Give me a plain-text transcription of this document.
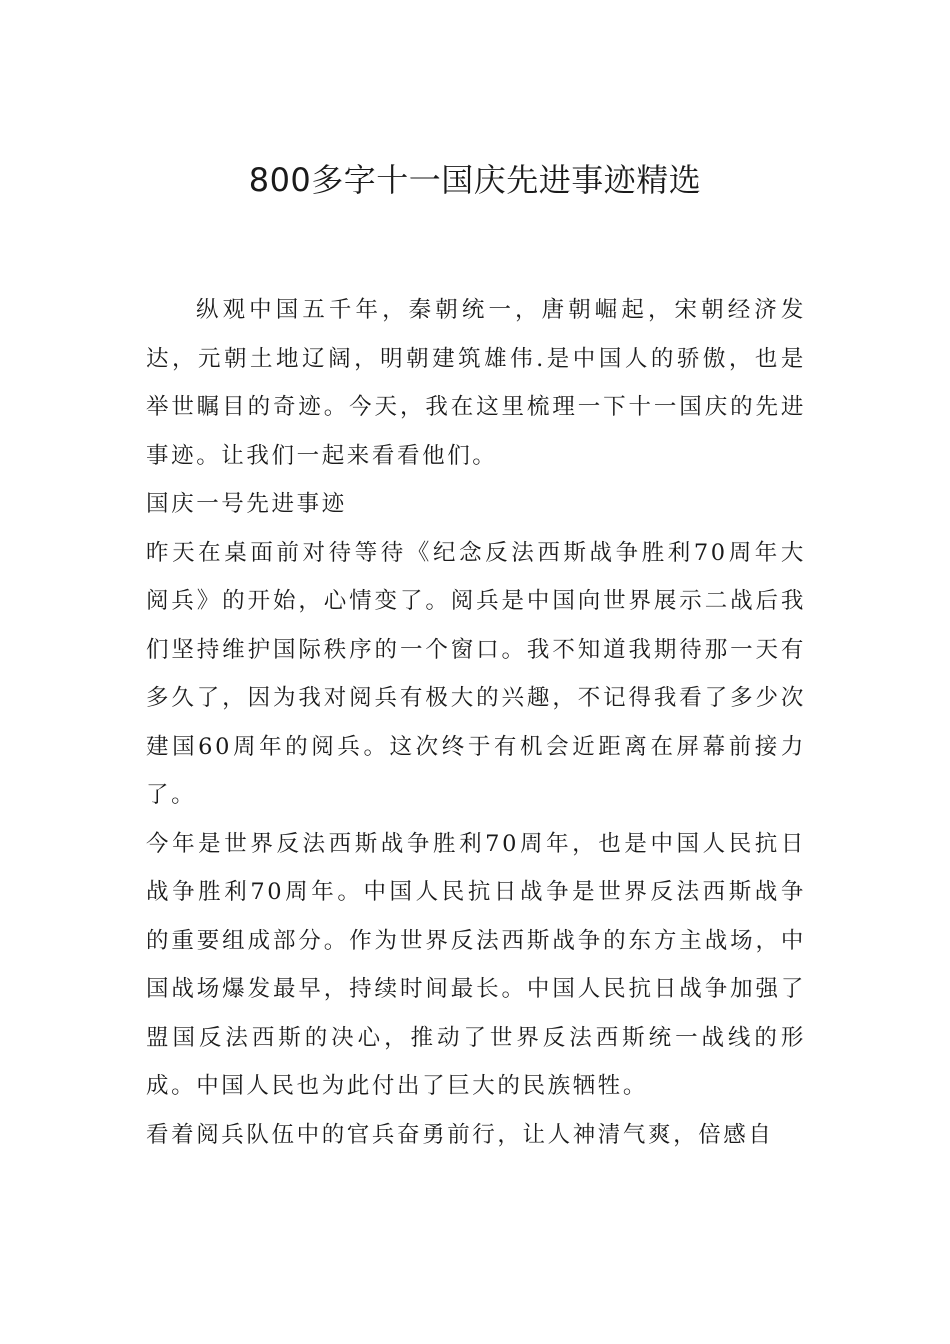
800多字十一国庆先进事迹精选

纵观中国五千年，秦朝统一，唐朝崛起，宋朝经济发达，元朝土地辽阔，明朝建筑雄伟.是中国人的骄傲，也是举世瞩目的奇迹。今天，我在这里梳理一下十一国庆的先进事迹。让我们一起来看看他们。

国庆一号先进事迹

昨天在桌面前对待等待《纪念反法西斯战争胜利70周年大阅兵》的开始，心情变了。阅兵是中国向世界展示二战后我们坚持维护国际秩序的一个窗口。我不知道我期待那一天有多久了，因为我对阅兵有极大的兴趣，不记得我看了多少次建国60周年的阅兵。这次终于有机会近距离在屏幕前接力了。

今年是世界反法西斯战争胜利70周年，也是中国人民抗日战争胜利70周年。中国人民抗日战争是世界反法西斯战争的重要组成部分。作为世界反法西斯战争的东方主战场，中国战场爆发最早，持续时间最长。中国人民抗日战争加强了盟国反法西斯的决心，推动了世界反法西斯统一战线的形成。中国人民也为此付出了巨大的民族牺牲。

看着阅兵队伍中的官兵奋勇前行，让人神清气爽，倍感自
